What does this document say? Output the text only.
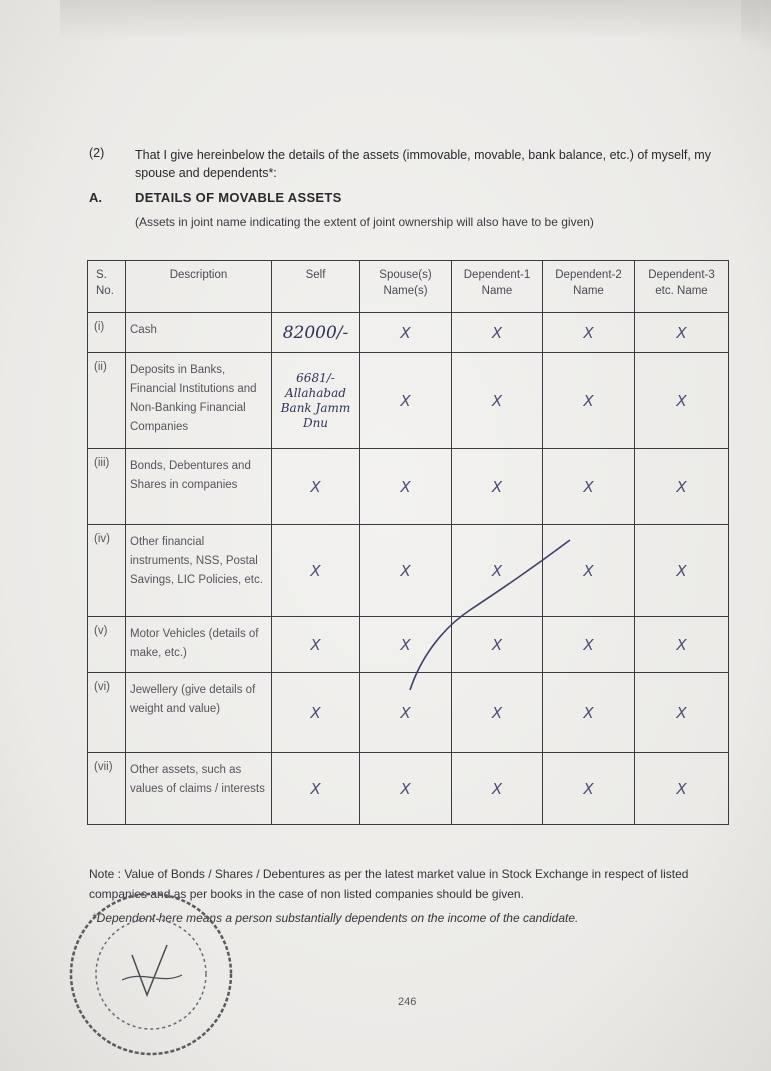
(2) That I give hereinbelow the details of the assets (immovable, movable, bank balance, etc.) of myself, my spouse and dependents*:
A.	DETAILS OF MOVABLE ASSETS
(Assets in joint name indicating the extent of joint ownership will also have to be given)
S. No.	Description	Self	Spouse(s) Name(s)	Dependent-1 Name	Dependent-2 Name	Dependent-3 etc. Name
(i)	Cash	82000/-	X	X	X	X
(ii)	Deposits in Banks, Financial Institutions and Non-Banking Financial Companies	6681/- Allahabad Bank Jamm Dnu	X	X	X	X
(iii)	Bonds, Debentures and Shares in companies	X	X	X	X	X
(iv)	Other financial instruments, NSS, Postal Savings, LIC Policies, etc.	X	X	X	X	X
(v)	Motor Vehicles (details of make, etc.)	X	X	X	X	X
(vi)	Jewellery (give details of weight and value)	X	X	X	X	X
(vii)	Other assets, such as values of claims / interests	X	X	X	X	X
Note : Value of Bonds / Shares / Debentures as per the latest market value in Stock Exchange in respect of listed companies and as per books in the case of non listed companies should be given.
*Dependent here means a person substantially dependents on the income of the candidate.
246
